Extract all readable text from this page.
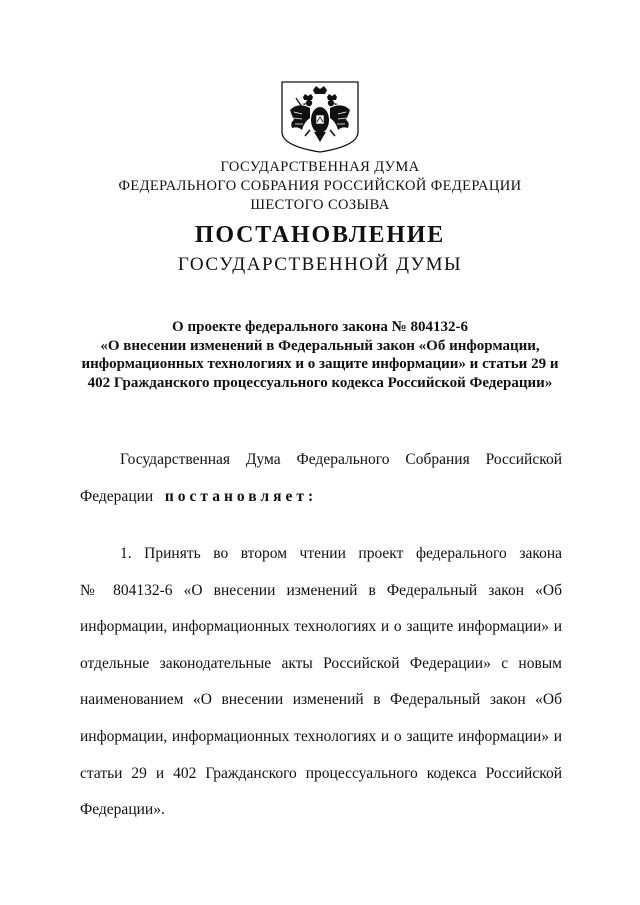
ГОСУДАРСТВЕННАЯ ДУМА
ФЕДЕРАЛЬНОГО СОБРАНИЯ РОССИЙСКОЙ ФЕДЕРАЦИИ
ШЕСТОГО СОЗЫВА
ПОСТАНОВЛЕНИЕ
ГОСУДАРСТВЕННОЙ ДУМЫ
О проекте федерального закона № 804132-6
«О внесении изменений в Федеральный закон «Об информации,
информационных технологиях и о защите информации» и статьи 29 и
402 Гражданского процессуального кодекса Российской Федерации»
Государственная Дума Федерального Собрания Российской
Федерации постановляет:
1. Принять во втором чтении проект федерального закона
№ 804132-6 «О внесении изменений в Федеральный закон «Об
информации, информационных технологиях и о защите информации» и
отдельные законодательные акты Российской Федерации» с новым
наименованием «О внесении изменений в Федеральный закон «Об
информации, информационных технологиях и о защите информации» и
статьи 29 и 402 Гражданского процессуального кодекса Российской
Федерации».
